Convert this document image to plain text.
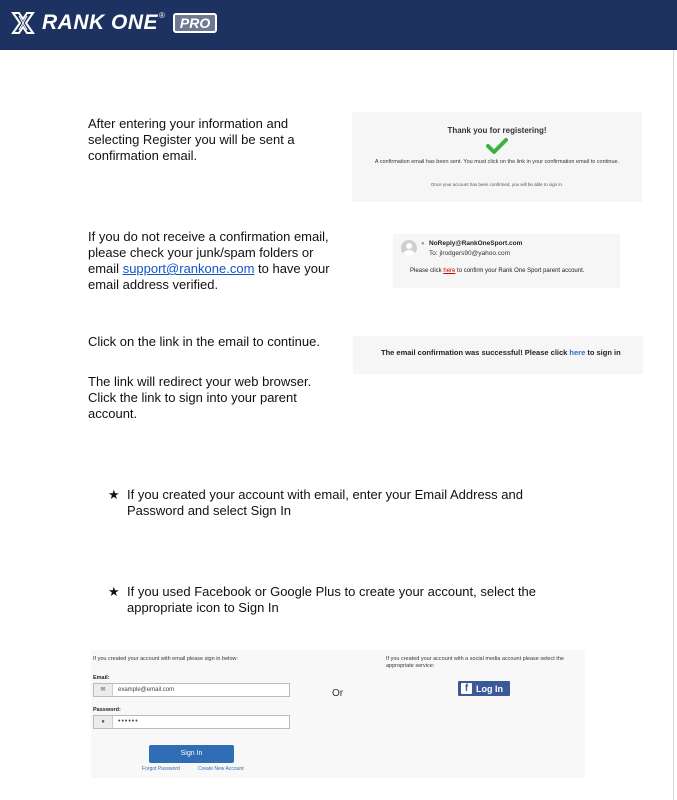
RANK ONE ®	PRO
After entering your information and selecting Register you will be sent a confirmation email.
Thank you for registering!
A confirmation email has been sent. You must click on the link in your confirmation email to continue.
Once your account has been confirmed, you will be able to sign in.
If you do not receive a confirmation email, please check your junk/spam folders or email support@rankone.com to have your email address verified.
● NoReply@RankOneSport.com
To: jlrodgers90@yahoo.com
Please click here to confirm your Rank One Sport parent account.
Click on the link in the email to continue.
The email confirmation was successful! Please click here to sign in
The link will redirect your web browser. Click the link to sign into your parent account.
★ If you created your account with email, enter your Email Address and Password and select Sign In
★ If you used Facebook or Google Plus to create your account, select the appropriate icon to Sign In
If you created your account with email please sign in below:
Email:
✉	example@email.com
Password:
●	••••••
Sign In
Forgot Password	Create New Account
Or
If you created your account with a social media account please select the appropriate service:
f Log In
